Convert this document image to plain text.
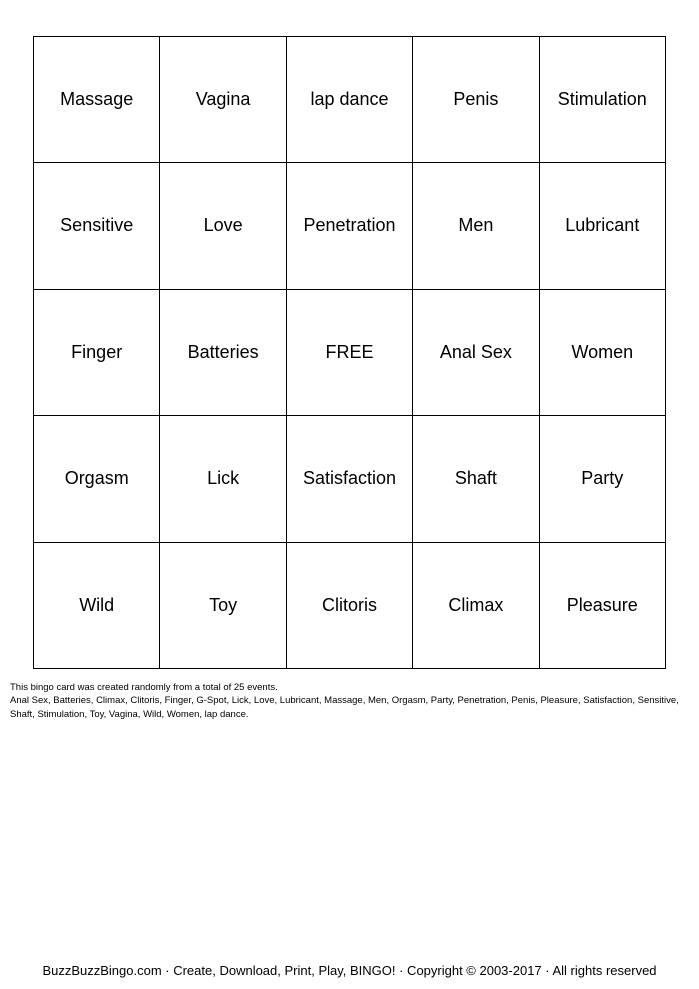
Massage	Vagina	lap dance	Penis	Stimulation
Sensitive	Love	Penetration	Men	Lubricant
Finger	Batteries	FREE	Anal Sex	Women
Orgasm	Lick	Satisfaction	Shaft	Party
Wild	Toy	Clitoris	Climax	Pleasure
This bingo card was created randomly from a total of 25 events.
Anal Sex, Batteries, Climax, Clitoris, Finger, G-Spot, Lick, Love, Lubricant, Massage, Men, Orgasm, Party, Penetration, Penis, Pleasure, Satisfaction, Sensitive, Shaft, Stimulation, Toy, Vagina, Wild, Women, lap dance.
BuzzBuzzBingo.com · Create, Download, Print, Play, BINGO! · Copyright © 2003-2017 · All rights reserved
